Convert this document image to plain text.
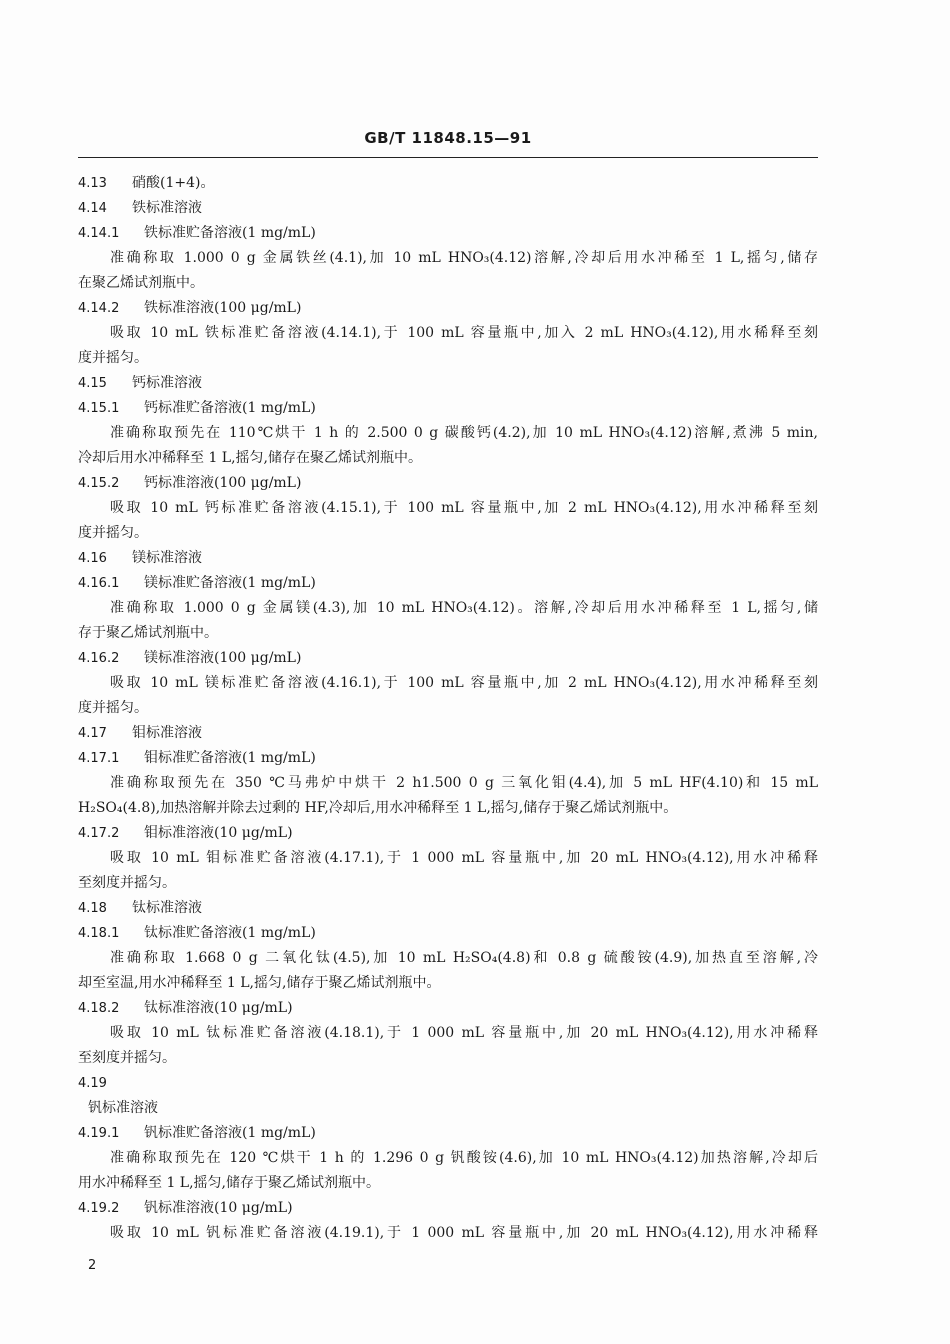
GB/T 11848.15—91
4.13 硝酸(1+4)。
4.14 铁标准溶液
4.14.1 铁标准贮备溶液(1 mg/mL)
准确称取 1.000 0 g 金属铁丝(4.1),加 10 mL HNO₃(4.12)溶解,冷却后用水冲稀至 1 L,摇匀,储存
在聚乙烯试剂瓶中。
4.14.2 铁标准溶液(100 μg/mL)
吸取 10 mL 铁标准贮备溶液(4.14.1),于 100 mL 容量瓶中,加入 2 mL HNO₃(4.12),用水稀释至刻
度并摇匀。
4.15 钙标准溶液
4.15.1 钙标准贮备溶液(1 mg/mL)
准确称取预先在 110℃烘干 1 h 的 2.500 0 g 碳酸钙(4.2),加 10 mL HNO₃(4.12)溶解,煮沸 5 min,
冷却后用水冲稀释至 1 L,摇匀,储存在聚乙烯试剂瓶中。
4.15.2 钙标准溶液(100 μg/mL)
吸取 10 mL 钙标准贮备溶液(4.15.1),于 100 mL 容量瓶中,加 2 mL HNO₃(4.12),用水冲稀释至刻
度并摇匀。
4.16 镁标准溶液
4.16.1 镁标准贮备溶液(1 mg/mL)
准确称取 1.000 0 g 金属镁(4.3),加 10 mL HNO₃(4.12)。溶解,冷却后用水冲稀释至 1 L,摇匀,储
存于聚乙烯试剂瓶中。
4.16.2 镁标准溶液(100 μg/mL)
吸取 10 mL 镁标准贮备溶液(4.16.1),于 100 mL 容量瓶中,加 2 mL HNO₃(4.12),用水冲稀释至刻
度并摇匀。
4.17 钼标准溶液
4.17.1 钼标准贮备溶液(1 mg/mL)
准确称取预先在 350 ℃马弗炉中烘干 2 h1.500 0 g 三氧化钼(4.4),加 5 mL HF(4.10)和 15 mL
H₂SO₄(4.8),加热溶解并除去过剩的 HF,冷却后,用水冲稀释至 1 L,摇匀,储存于聚乙烯试剂瓶中。
4.17.2 钼标准溶液(10 μg/mL)
吸取 10 mL 钼标准贮备溶液(4.17.1),于 1 000 mL 容量瓶中,加 20 mL HNO₃(4.12),用水冲稀释
至刻度并摇匀。
4.18 钛标准溶液
4.18.1 钛标准贮备溶液(1 mg/mL)
准确称取 1.668 0 g 二氧化钛(4.5),加 10 mL H₂SO₄(4.8)和 0.8 g 硫酸铵(4.9),加热直至溶解,冷
却至室温,用水冲稀释至 1 L,摇匀,储存于聚乙烯试剂瓶中。
4.18.2 钛标准溶液(10 μg/mL)
吸取 10 mL 钛标准贮备溶液(4.18.1),于 1 000 mL 容量瓶中,加 20 mL HNO₃(4.12),用水冲稀释
至刻度并摇匀。
4.19
钒标准溶液
4.19.1 钒标准贮备溶液(1 mg/mL)
准确称取预先在 120 ℃烘干 1 h 的 1.296 0 g 钒酸铵(4.6),加 10 mL HNO₃(4.12)加热溶解,冷却后
用水冲稀释至 1 L,摇匀,储存于聚乙烯试剂瓶中。
4.19.2 钒标准溶液(10 μg/mL)
吸取 10 mL 钒标准贮备溶液(4.19.1),于 1 000 mL 容量瓶中,加 20 mL HNO₃(4.12),用水冲稀释
2
